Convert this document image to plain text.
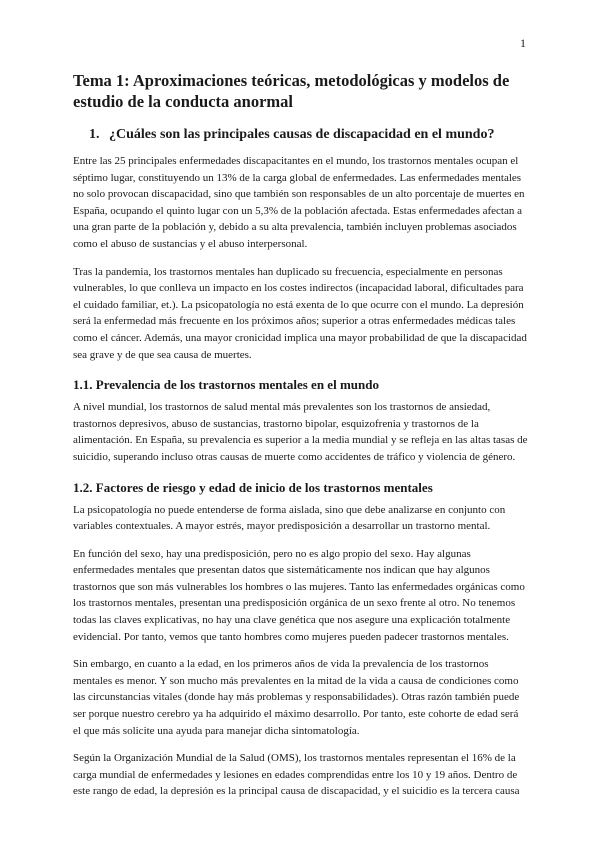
1
Tema 1: Aproximaciones teóricas, metodológicas y modelos de estudio de la conducta anormal
1. ¿Cuáles son las principales causas de discapacidad en el mundo?

Entre las 25 principales enfermedades discapacitantes en el mundo, los trastornos mentales ocupan el séptimo lugar, constituyendo un 13% de la carga global de enfermedades. Las enfermedades mentales no solo provocan discapacidad, sino que también son responsables de un alto porcentaje de muertes en España, ocupando el quinto lugar con un 5,3% de la población afectada. Estas enfermedades afectan a una gran parte de la población y, debido a su alta prevalencia, también incluyen problemas asociados como el abuso de sustancias y el abuso interpersonal.

Tras la pandemia, los trastornos mentales han duplicado su frecuencia, especialmente en personas vulnerables, lo que conlleva un impacto en los costes indirectos (incapacidad laboral, dificultades para el cuidado familiar, et.). La psicopatología no está exenta de lo que ocurre con el mundo. La depresión será la enfermedad más frecuente en los próximos años; superior a otras enfermedades médicas tales como el cáncer. Además, una mayor cronicidad implica una mayor probabilidad de que la discapacidad sea grave y de que sea causa de muertes.

1.1. Prevalencia de los trastornos mentales en el mundo

A nivel mundial, los trastornos de salud mental más prevalentes son los trastornos de ansiedad, trastornos depresivos, abuso de sustancias, trastorno bipolar, esquizofrenia y trastornos de la alimentación. En España, su prevalencia es superior a la media mundial y se refleja en las altas tasas de suicidio, superando incluso otras causas de muerte como accidentes de tráfico y violencia de género.

1.2. Factores de riesgo y edad de inicio de los trastornos mentales

La psicopatología no puede entenderse de forma aislada, sino que debe analizarse en conjunto con variables contextuales. A mayor estrés, mayor predisposición a desarrollar un trastorno mental.

En función del sexo, hay una predisposición, pero no es algo propio del sexo. Hay algunas enfermedades mentales que presentan datos que sistemáticamente nos indican que hay algunos trastornos que son más vulnerables los hombres o las mujeres. Tanto las enfermedades orgánicas como los trastornos mentales, presentan una predisposición orgánica de un sexo frente al otro. No tenemos todas las claves explicativas, no hay una clave genética que nos asegure una explicación totalmente evidencial. Por tanto, vemos que tanto hombres como mujeres pueden padecer trastornos mentales.

Sin embargo, en cuanto a la edad, en los primeros años de vida la prevalencia de los trastornos mentales es menor. Y son mucho más prevalentes en la mitad de la vida a causa de condiciones como las circunstancias vitales (donde hay más problemas y responsabilidades). Otras razón también puede ser porque nuestro cerebro ya ha adquirido el máximo desarrollo. Por tanto, este cohorte de edad será el que más solicite una ayuda para manejar dicha sintomatología.

Según la Organización Mundial de la Salud (OMS), los trastornos mentales representan el 16% de la carga mundial de enfermedades y lesiones en edades comprendidas entre los 10 y 19 años. Dentro de este rango de edad, la depresión es la principal causa de discapacidad, y el suicidio es la tercera causa
